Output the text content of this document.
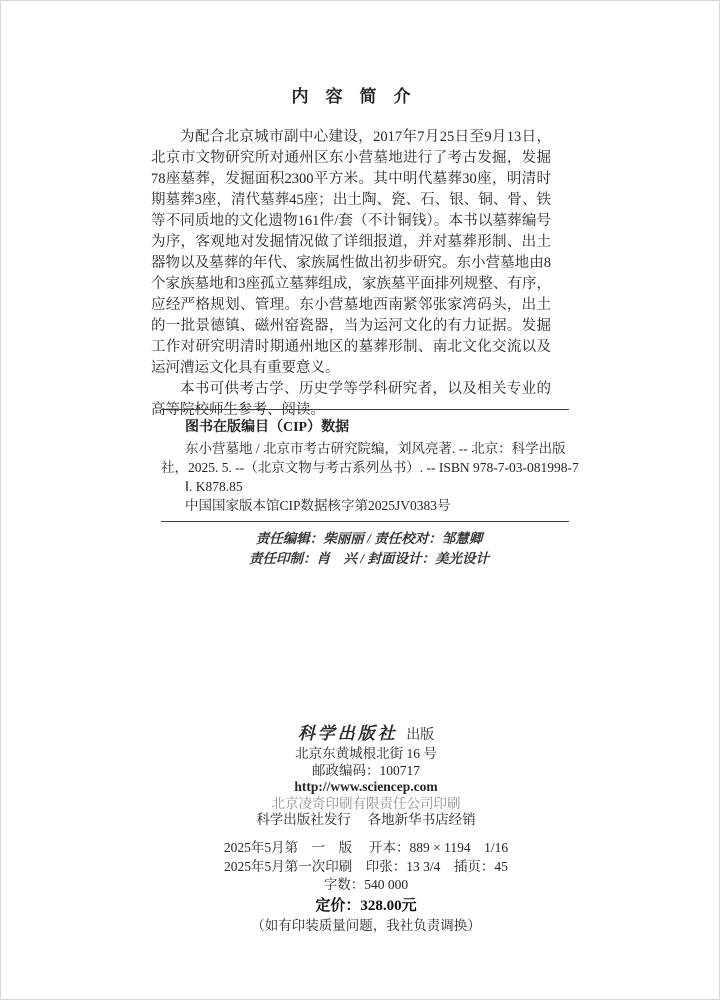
内　容　简　介

为配合北京城市副中心建设，2017年7月25日至9月13日，北京市文物研究所对通州区东小营墓地进行了考古发掘，发掘78座墓葬，发掘面积2300平方米。其中明代墓葬30座，明清时期墓葬3座，清代墓葬45座；出土陶、瓷、石、银、铜、骨、铁等不同质地的文化遗物161件/套（不计铜钱）。本书以墓葬编号为序，客观地对发掘情况做了详细报道，并对墓葬形制、出土器物以及墓葬的年代、家族属性做出初步研究。东小营墓地由8个家族墓地和3座孤立墓葬组成，家族墓平面排列规整、有序，应经严格规划、管理。东小营墓地西南紧邻张家湾码头，出土的一批景德镇、磁州窑瓷器，当为运河文化的有力证据。发掘工作对研究明清时期通州地区的墓葬形制、南北文化交流以及运河漕运文化具有重要意义。

本书可供考古学、历史学等学科研究者，以及相关专业的高等院校师生参考、阅读。

图书在版编目（CIP）数据
东小营墓地 / 北京市考古研究院编，刘风亮著. -- 北京：科学出版
社，2025. 5. --（北京文物与考古系列丛书）. -- ISBN 978-7-03-081998-7
Ⅰ. K878.85
中国国家版本馆CIP数据核字第2025JV0383号
责任编辑：柴丽丽 / 责任校对：邹慧卿
责任印制：肖　兴 / 封面设计：美光设计
科学出版社 出版
北京东黄城根北街 16 号
邮政编码：100717
http://www.sciencep.com
北京凌奇印刷有限责任公司印刷
科学出版社发行　 各地新华书店经销
2025年5月第　一　版　 开本：889 × 1194　1/16
2025年5月第一次印刷　印张：13 3/4　插页：45
字数：540 000
定价：328.00元
（如有印装质量问题，我社负责调换）
